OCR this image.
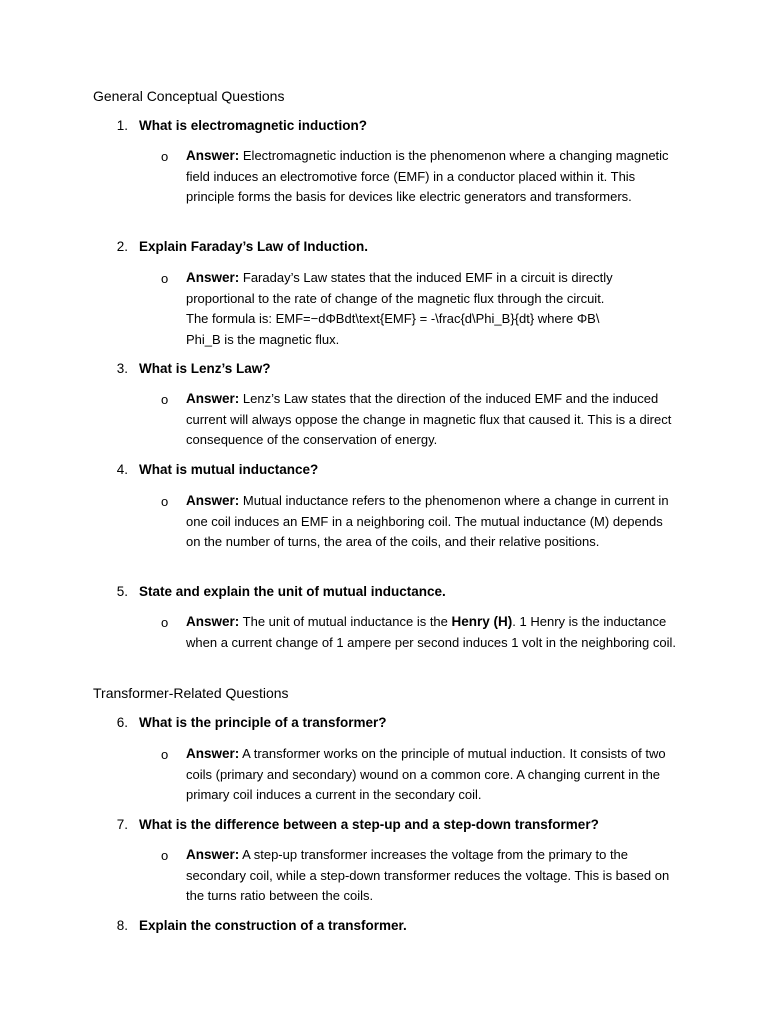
General Conceptual Questions
1. What is electromagnetic induction?
o Answer: Electromagnetic induction is the phenomenon where a changing magnetic field induces an electromotive force (EMF) in a conductor placed within it. This principle forms the basis for devices like electric generators and transformers.
2. Explain Faraday’s Law of Induction.
o Answer: Faraday’s Law states that the induced EMF in a circuit is directly
proportional to the rate of change of the magnetic flux through the circuit.
The formula is: EMF=−dΦBdt\text{EMF} = -\frac{d\Phi_B}{dt} where ΦB\
Phi_B is the magnetic flux.
3. What is Lenz’s Law?
o Answer: Lenz’s Law states that the direction of the induced EMF and the induced current will always oppose the change in magnetic flux that caused it. This is a direct consequence of the conservation of energy.
4. What is mutual inductance?
o Answer: Mutual inductance refers to the phenomenon where a change in current in one coil induces an EMF in a neighboring coil. The mutual inductance (M) depends on the number of turns, the area of the coils, and their relative positions.
5. State and explain the unit of mutual inductance.
o Answer: The unit of mutual inductance is the Henry (H). 1 Henry is the inductance when a current change of 1 ampere per second induces 1 volt in the neighboring coil.
Transformer-Related Questions
6. What is the principle of a transformer?
o Answer: A transformer works on the principle of mutual induction. It consists of two coils (primary and secondary) wound on a common core. A changing current in the primary coil induces a current in the secondary coil.
7. What is the difference between a step-up and a step-down transformer?
o Answer: A step-up transformer increases the voltage from the primary to the secondary coil, while a step-down transformer reduces the voltage. This is based on the turns ratio between the coils.
8. Explain the construction of a transformer.
